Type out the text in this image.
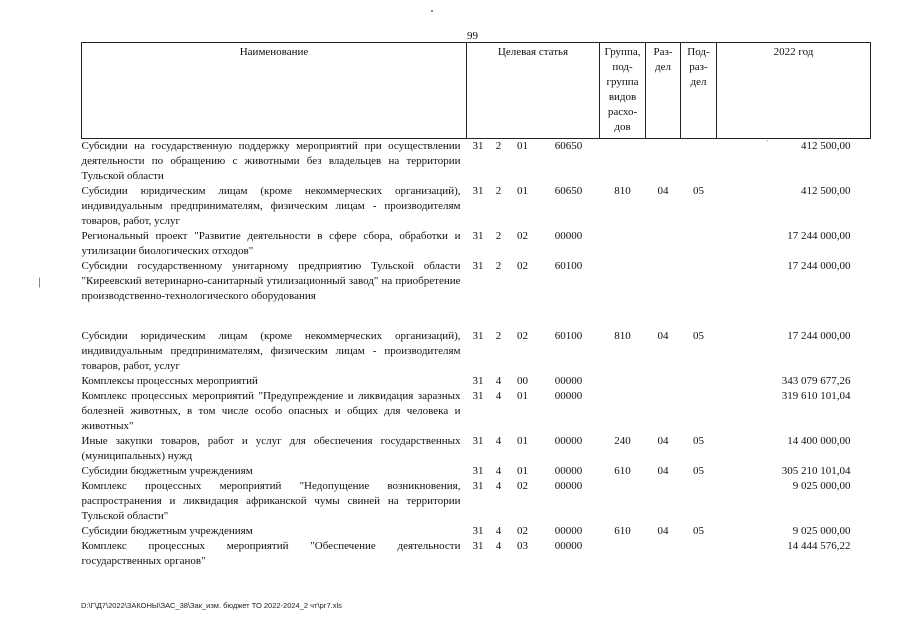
99
/
`
Наименование	Целевая статья				Группа, под-группа видов расхо-дов	Раз-дел	Под-раз-дел	2022 год
Субсидии на государственную поддержку мероприятий при осуществлении деятельности по обращению с животными без владельцев на территории Тульской области	31	2	01	60650				412 500,00
Субсидии юридическим лицам (кроме некоммерческих организаций), индивидуальным предпринимателям, физическим лицам - производителям товаров, работ, услуг	31	2	01	60650	810	04	05	412 500,00
Региональный проект "Развитие деятельности в сфере сбора, обработки и утилизации биологических отходов"	31	2	02	00000				17 244 000,00
Субсидии государственному унитарному предприятию Тульской области "Киреевский ветеринарно-санитарный утилизационный завод" на приобретение производственно-технологического оборудования	31	2	02	60100				17 244 000,00
Субсидии юридическим лицам (кроме некоммерческих организаций), индивидуальным предпринимателям, физическим лицам - производителям товаров, работ, услуг	31	2	02	60100	810	04	05	17 244 000,00
Комплексы процессных мероприятий	31	4	00	00000				343 079 677,26
Комплекс процессных мероприятий "Предупреждение и ликвидация заразных болезней животных, в том числе особо опасных и общих для человека и животных"	31	4	01	00000				319 610 101,04
Иные закупки товаров, работ и услуг для обеспечения государственных (муниципальных) нужд	31	4	01	00000	240	04	05	14 400 000,00
Субсидии бюджетным учреждениям	31	4	01	00000	610	04	05	305 210 101,04
Комплекс процессных мероприятий "Недопущение возникновения, распространения и ликвидация африканской чумы свиней на территории Тульской области"	31	4	02	00000				9 025 000,00
Субсидии бюджетным учреждениям	31	4	02	00000	610	04	05	9 025 000,00
Комплекс процессных мероприятий "Обеспечение деятельности государственных органов"	31	4	03	00000				14 444 576,22
D:\Г\Д7\2022\ЗАКОНЫ\ЗАС_38\Зак_изм. бюджет ТО 2022-2024_2 чт\рг7.xls
